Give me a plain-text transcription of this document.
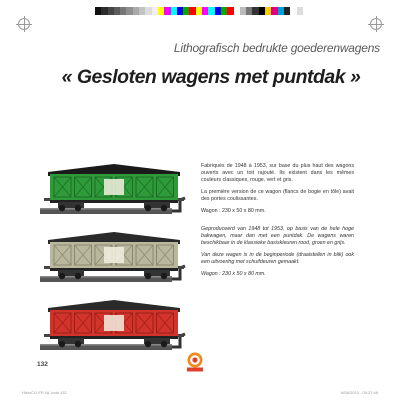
Lithografisch bedrukte goederenwagens
« Gesloten wagens met puntdak »

Fabriqués de 1948 à 1953, sur base du plus haut des wagons ouverts avec un toit rajouté. Ils existent dans les mêmes couleurs classiques, rouge, vert et gris.

La première version de ce wagon (flancs de bogie en tôle) avait des portes coulissantes.

Wagon : 230 x 50 x 80 mm.

Geproduceerd van 1948 tot 1953, op basis van de hele hoge bakwagen, maar dan met een puntdak. De wagens waren beschikbaar in de klassieke basiskleuren rood, groen en grijs.

Van deze wagen is in de beginperiode (draaistellen in blik) ook een uitvoering met schuifdeuren gemaakt.

Wagon : 230 x 50 x 80 mm.

132
HistoCIJ-FR-NL.indd 132	6/06/2013 - 05:27:46
